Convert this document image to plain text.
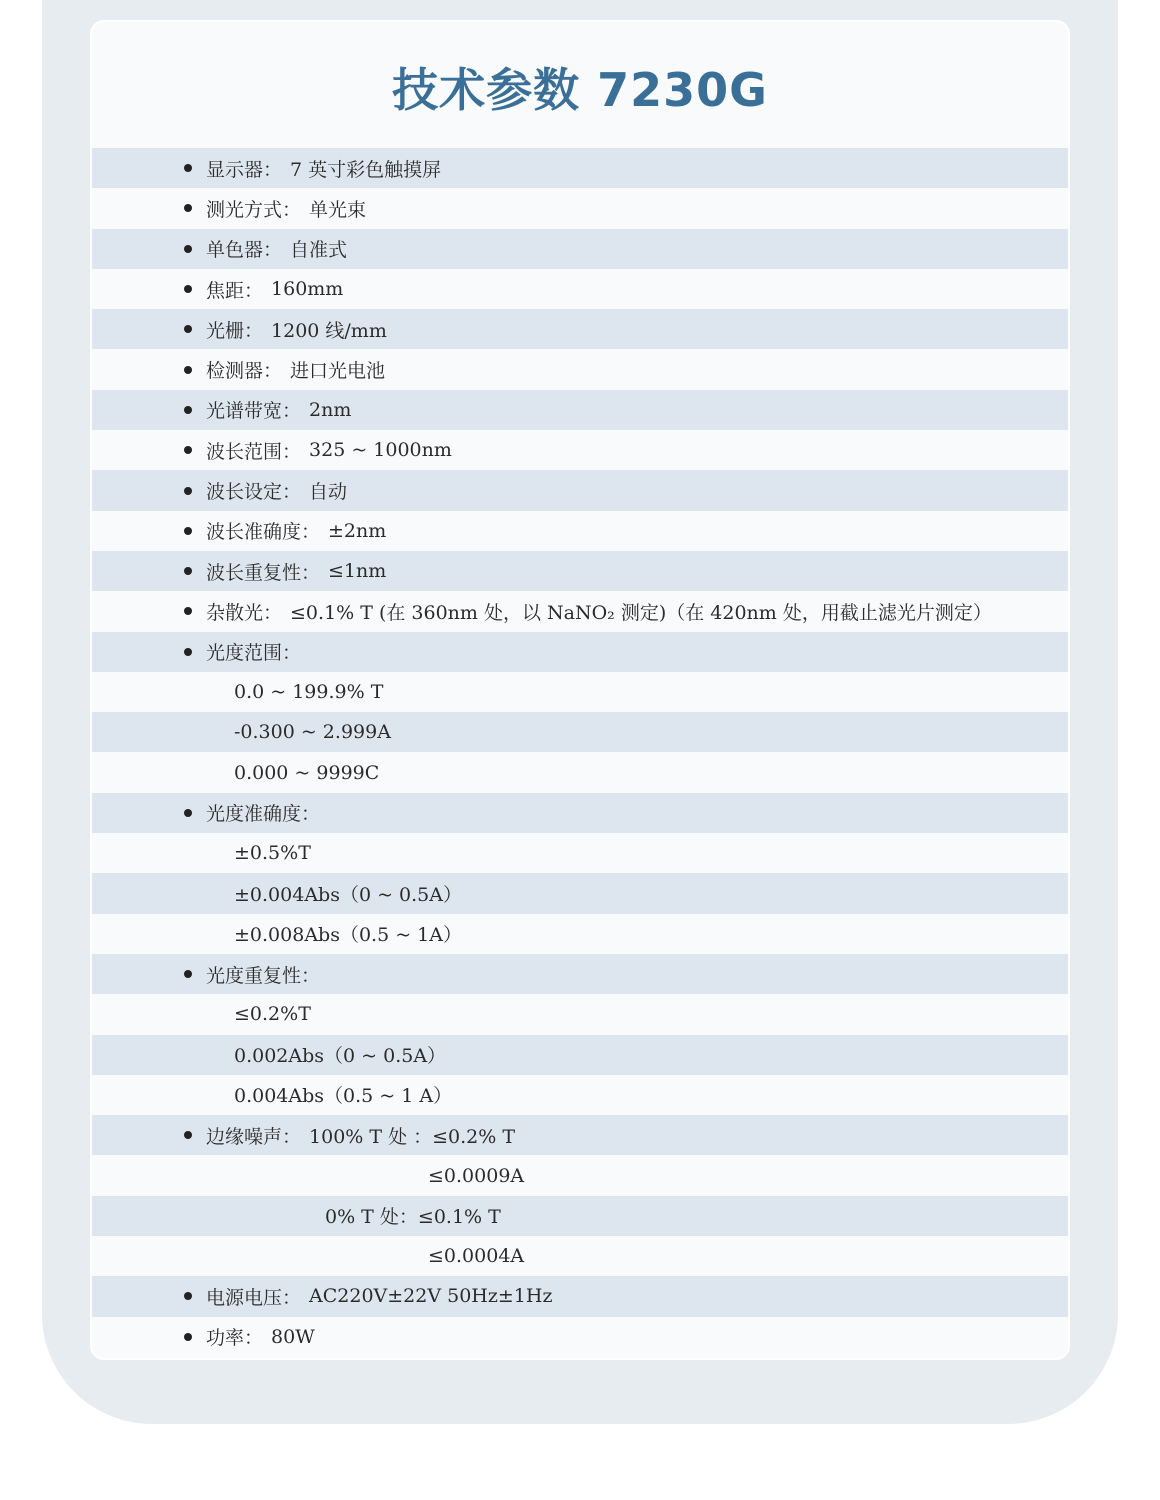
技术参数 7230G
显示器： 7 英寸彩色触摸屏
测光方式： 单光束
单色器： 自准式
焦距： 160mm
光栅： 1200 线/mm
检测器： 进口光电池
光谱带宽： 2nm
波长范围： 325 ~ 1000nm
波长设定： 自动
波长准确度： ±2nm
波长重复性： ≤1nm
杂散光： ≤0.1% T (在 360nm 处，以 NaNO₂ 测定)（在 420nm 处，用截止滤光片测定）
光度范围：
0.0 ~ 199.9% T
-0.300 ~ 2.999A
0.000 ~ 9999C
光度准确度：
±0.5%T
±0.004Abs（0 ~ 0.5A）
±0.008Abs（0.5 ~ 1A）
光度重复性：
≤0.2%T
0.002Abs（0 ~ 0.5A）
0.004Abs（0.5 ~ 1 A）
边缘噪声： 100% T 处 ：≤0.2% T
≤0.0009A
0% T 处：≤0.1% T
≤0.0004A
电源电压： AC220V±22V 50Hz±1Hz
功率： 80W
